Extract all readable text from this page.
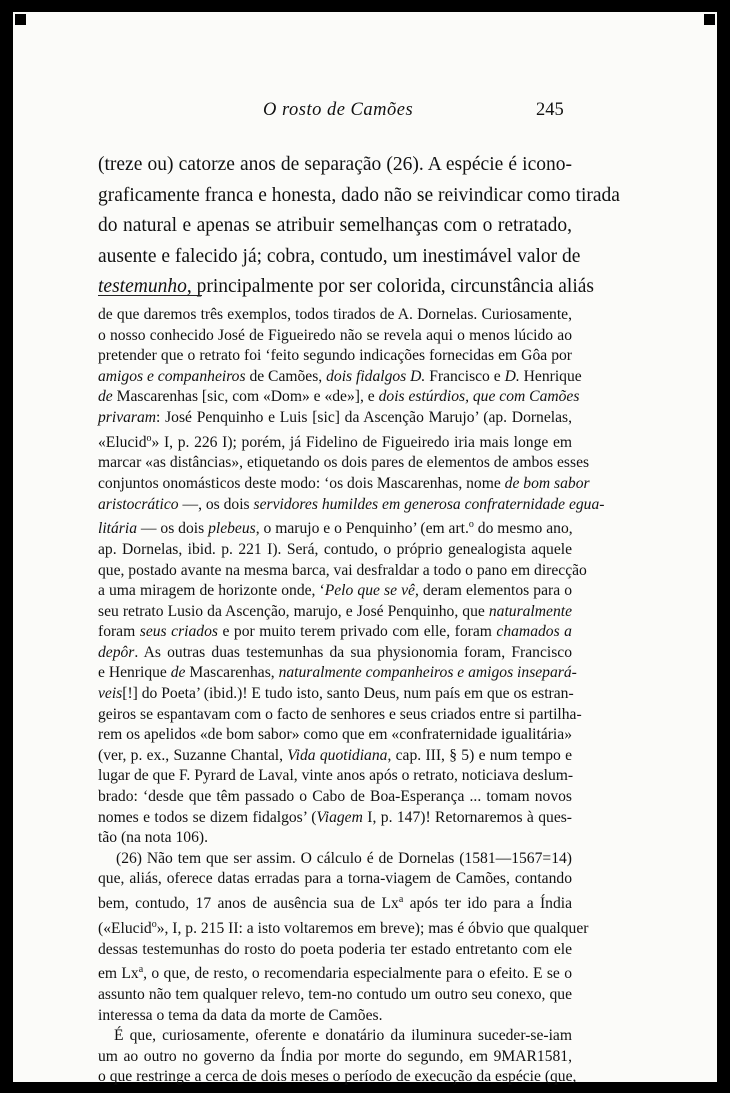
O rosto de Camões	245
(treze ou) catorze anos de separação (26). A espécie é icono-
graficamente franca e honesta, dado não se reivindicar como tirada
do natural e apenas se atribuir semelhanças com o retratado,
ausente e falecido já; cobra, contudo, um inestimável valor de
testemunho, principalmente por ser colorida, circunstância aliás
de que daremos três exemplos, todos tirados de A. Dornelas. Curiosamente,
o nosso conhecido José de Figueiredo não se revela aqui o menos lúcido ao
pretender que o retrato foi ‘feito segundo indicações fornecidas em Gôa por
amigos e companheiros de Camões, dois fidalgos D. Francisco e D. Henrique
de Mascarenhas [sic, com «Dom» e «de»], e dois estúrdios, que com Camões
privaram: José Penquinho e Luis [sic] da Ascenção Marujo’ (ap. Dornelas,
«Elucid$^o$» I, p. 226 I); porém, já Fidelino de Figueiredo iria mais longe em
marcar «as distâncias», etiquetando os dois pares de elementos de ambos esses
conjuntos onomásticos deste modo: ‘os dois Mascarenhas, nome de bom sabor
aristocrático —, os dois servidores humildes em generosa confraternidade egua-
litária — os dois plebeus, o marujo e o Penquinho’ (em art.$^o$ do mesmo ano,
ap. Dornelas, ibid. p. 221 I). Será, contudo, o próprio genealogista aquele
que, postado avante na mesma barca, vai desfraldar a todo o pano em direcção
a uma miragem de horizonte onde, ‘Pelo que se vê, deram elementos para o
seu retrato Lusio da Ascenção, marujo, e José Penquinho, que naturalmente
foram seus criados e por muito terem privado com elle, foram chamados a
depôr. As outras duas testemunhas da sua physionomia foram, Francisco
e Henrique de Mascarenhas, naturalmente companheiros e amigos insepará-
veis[!] do Poeta’ (ibid.)! E tudo isto, santo Deus, num país em que os estran-
geiros se espantavam com o facto de senhores e seus criados entre si partilha-
rem os apelidos «de bom sabor» como que em «confraternidade igualitária»
(ver, p. ex., Suzanne Chantal, Vida quotidiana, cap. III, § 5) e num tempo e
lugar de que F. Pyrard de Laval, vinte anos após o retrato, noticiava deslum-
brado: ‘desde que têm passado o Cabo de Boa-Esperança ... tomam novos
nomes e todos se dizem fidalgos’ (Viagem I, p. 147)! Retornaremos à ques-
tão (na nota 106).
(26) Não tem que ser assim. O cálculo é de Dornelas (1581—1567=14)
que, aliás, oferece datas erradas para a torna-viagem de Camões, contando
bem, contudo, 17 anos de ausência sua de Lx$^a$ após ter ido para a Índia
(«Elucid$^o$», I, p. 215 II: a isto voltaremos em breve); mas é óbvio que qualquer
dessas testemunhas do rosto do poeta poderia ter estado entretanto com ele
em Lx$^a$, o que, de resto, o recomendaria especialmente para o efeito. E se o
assunto não tem qualquer relevo, tem-no contudo um outro seu conexo, que
interessa o tema da data da morte de Camões.
É que, curiosamente, oferente e donatário da iluminura suceder-se-iam
um ao outro no governo da Índia por morte do segundo, em 9MAR1581,
o que restringe a cerca de dois meses o período de execução da espécie (que,
